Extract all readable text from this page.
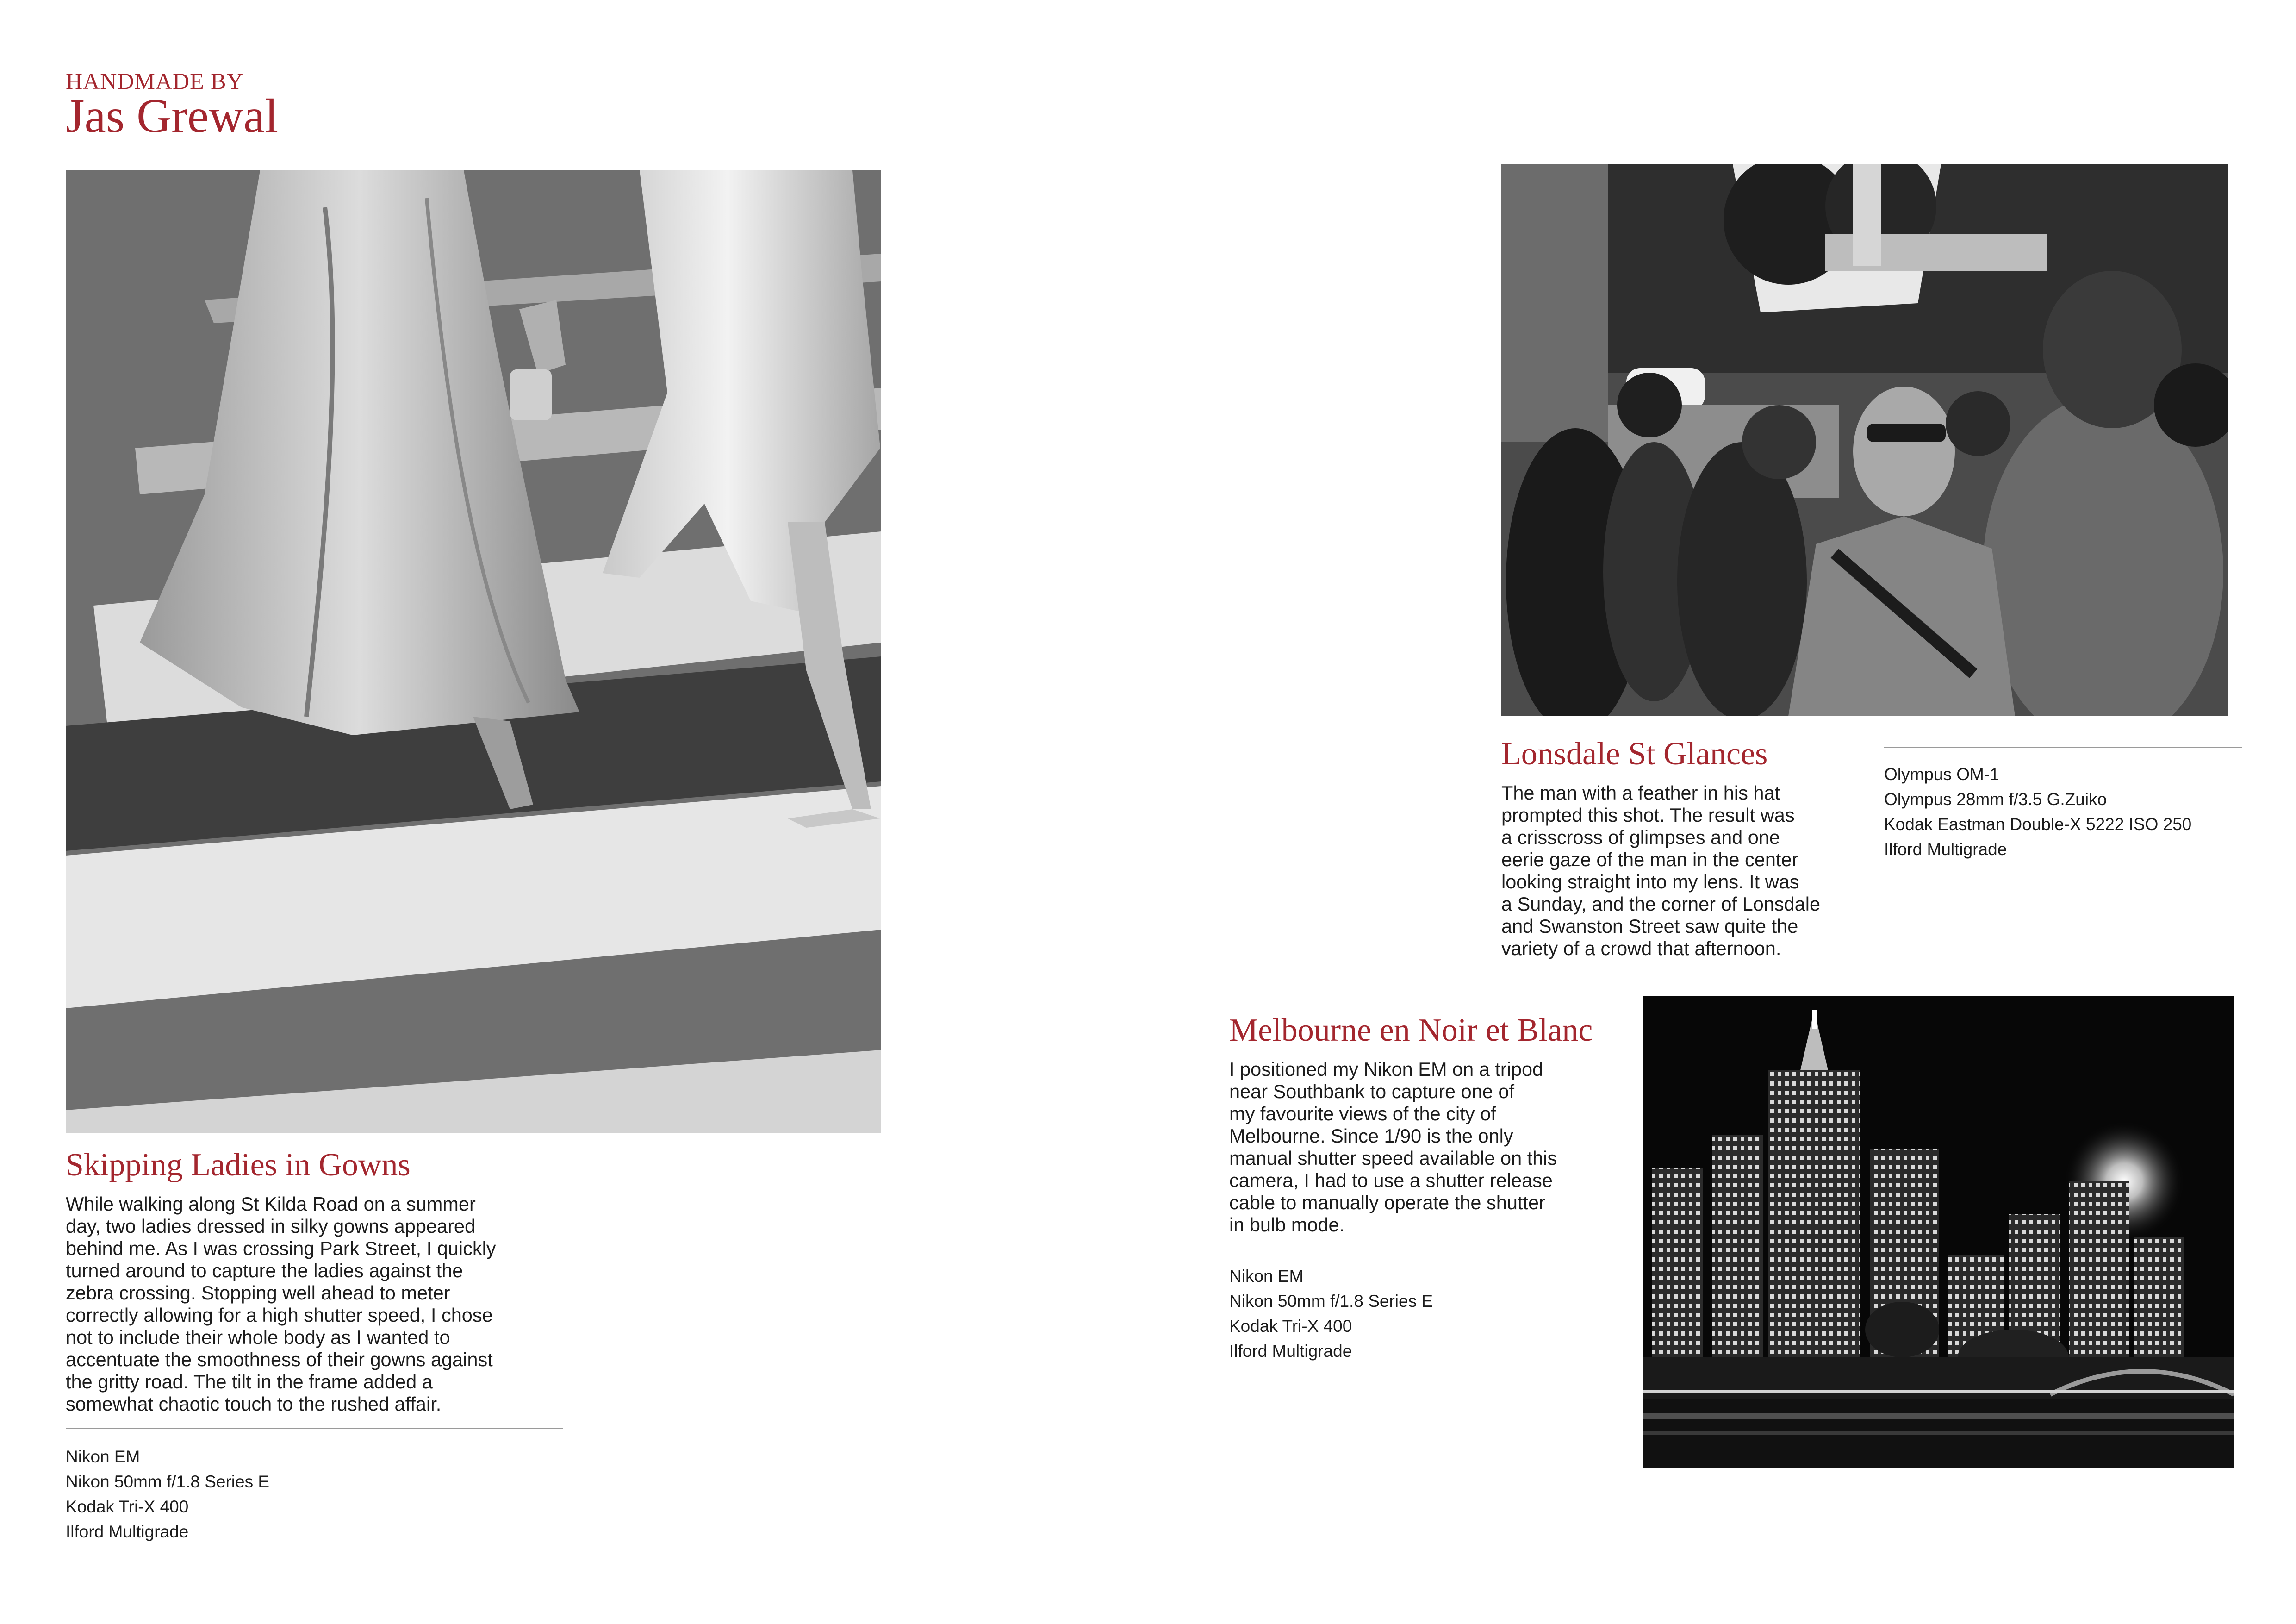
HANDMADE BY
Jas Grewal
Skipping Ladies in Gowns
While walking along St Kilda Road on a summer
day, two ladies dressed in silky gowns appeared
behind me. As I was crossing Park Street, I quickly
turned around to capture the ladies against the
zebra crossing. Stopping well ahead to meter
correctly allowing for a high shutter speed, I chose
not to include their whole body as I wanted to
accentuate the smoothness of their gowns against
the gritty road. The tilt in the frame added a
somewhat chaotic touch to the rushed affair.
Nikon EM
Nikon 50mm f/1.8 Series E
Kodak Tri-X 400
Ilford Multigrade
Lonsdale St Glances
The man with a feather in his hat
prompted this shot. The result was
a crisscross of glimpses and one
eerie gaze of the man in the center
looking straight into my lens. It was
a Sunday, and the corner of Lonsdale
and Swanston Street saw quite the
variety of a crowd that afternoon.
Olympus OM-1
Olympus 28mm f/3.5 G.Zuiko
Kodak Eastman Double-X 5222 ISO 250
Ilford Multigrade
Melbourne en Noir et Blanc
I positioned my Nikon EM on a tripod
near Southbank to capture one of
my favourite views of the city of
Melbourne. Since 1/90 is the only
manual shutter speed available on this
camera, I had to use a shutter release
cable to manually operate the shutter
in bulb mode.
Nikon EM
Nikon 50mm f/1.8 Series E
Kodak Tri-X 400
Ilford Multigrade
